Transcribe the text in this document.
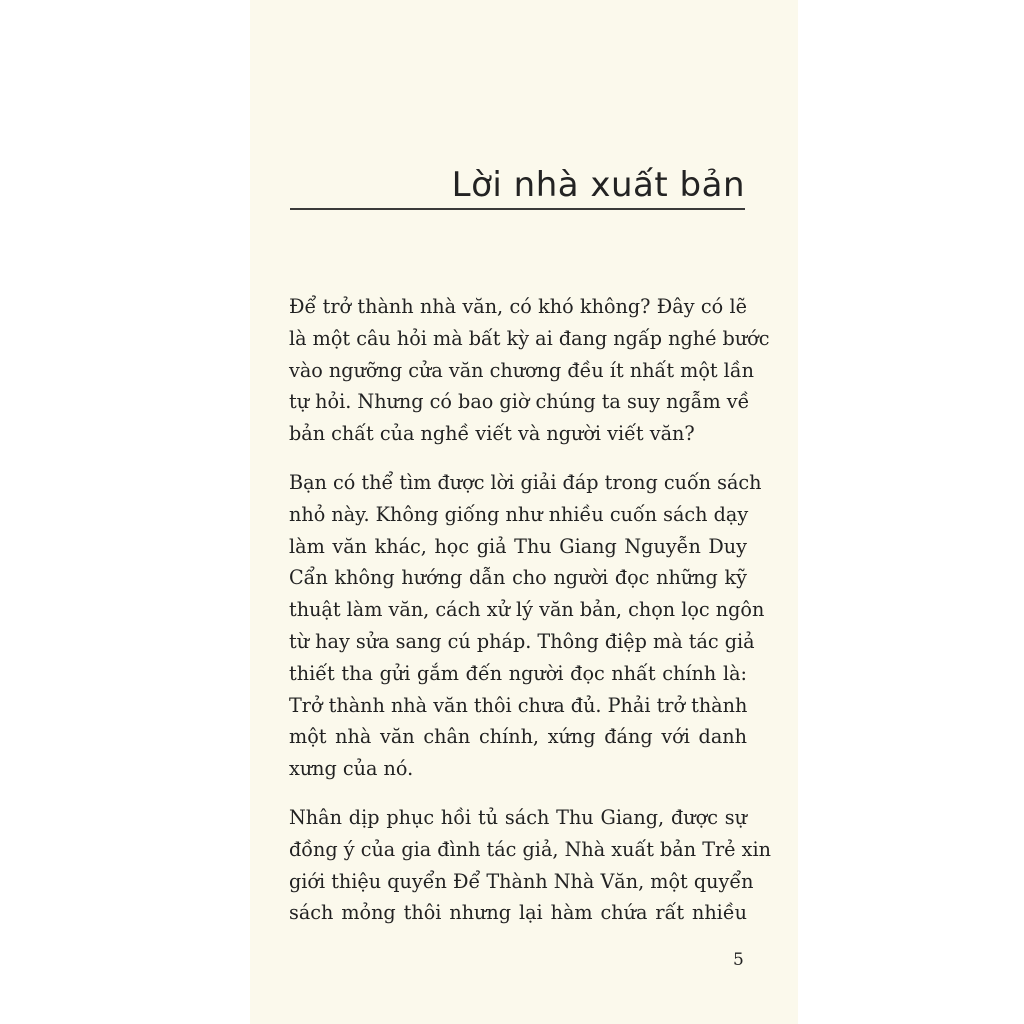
Lời nhà xuất bản

Để trở thành nhà văn, có khó không? Đây có lẽ
là một câu hỏi mà bất kỳ ai đang ngấp nghé bước
vào ngưỡng cửa văn chương đều ít nhất một lần
tự hỏi. Nhưng có bao giờ chúng ta suy ngẫm về
bản chất của nghề viết và người viết văn?

Bạn có thể tìm được lời giải đáp trong cuốn sách
nhỏ này. Không giống như nhiều cuốn sách dạy
làm văn khác, học giả Thu Giang Nguyễn Duy
Cẩn không hướng dẫn cho người đọc những kỹ
thuật làm văn, cách xử lý văn bản, chọn lọc ngôn
từ hay sửa sang cú pháp. Thông điệp mà tác giả
thiết tha gửi gắm đến người đọc nhất chính là:
Trở thành nhà văn thôi chưa đủ. Phải trở thành
một nhà văn chân chính, xứng đáng với danh
xưng của nó.

Nhân dịp phục hồi tủ sách Thu Giang, được sự
đồng ý của gia đình tác giả, Nhà xuất bản Trẻ xin
giới thiệu quyển Để Thành Nhà Văn, một quyển
sách mỏng thôi nhưng lại hàm chứa rất nhiều

5
